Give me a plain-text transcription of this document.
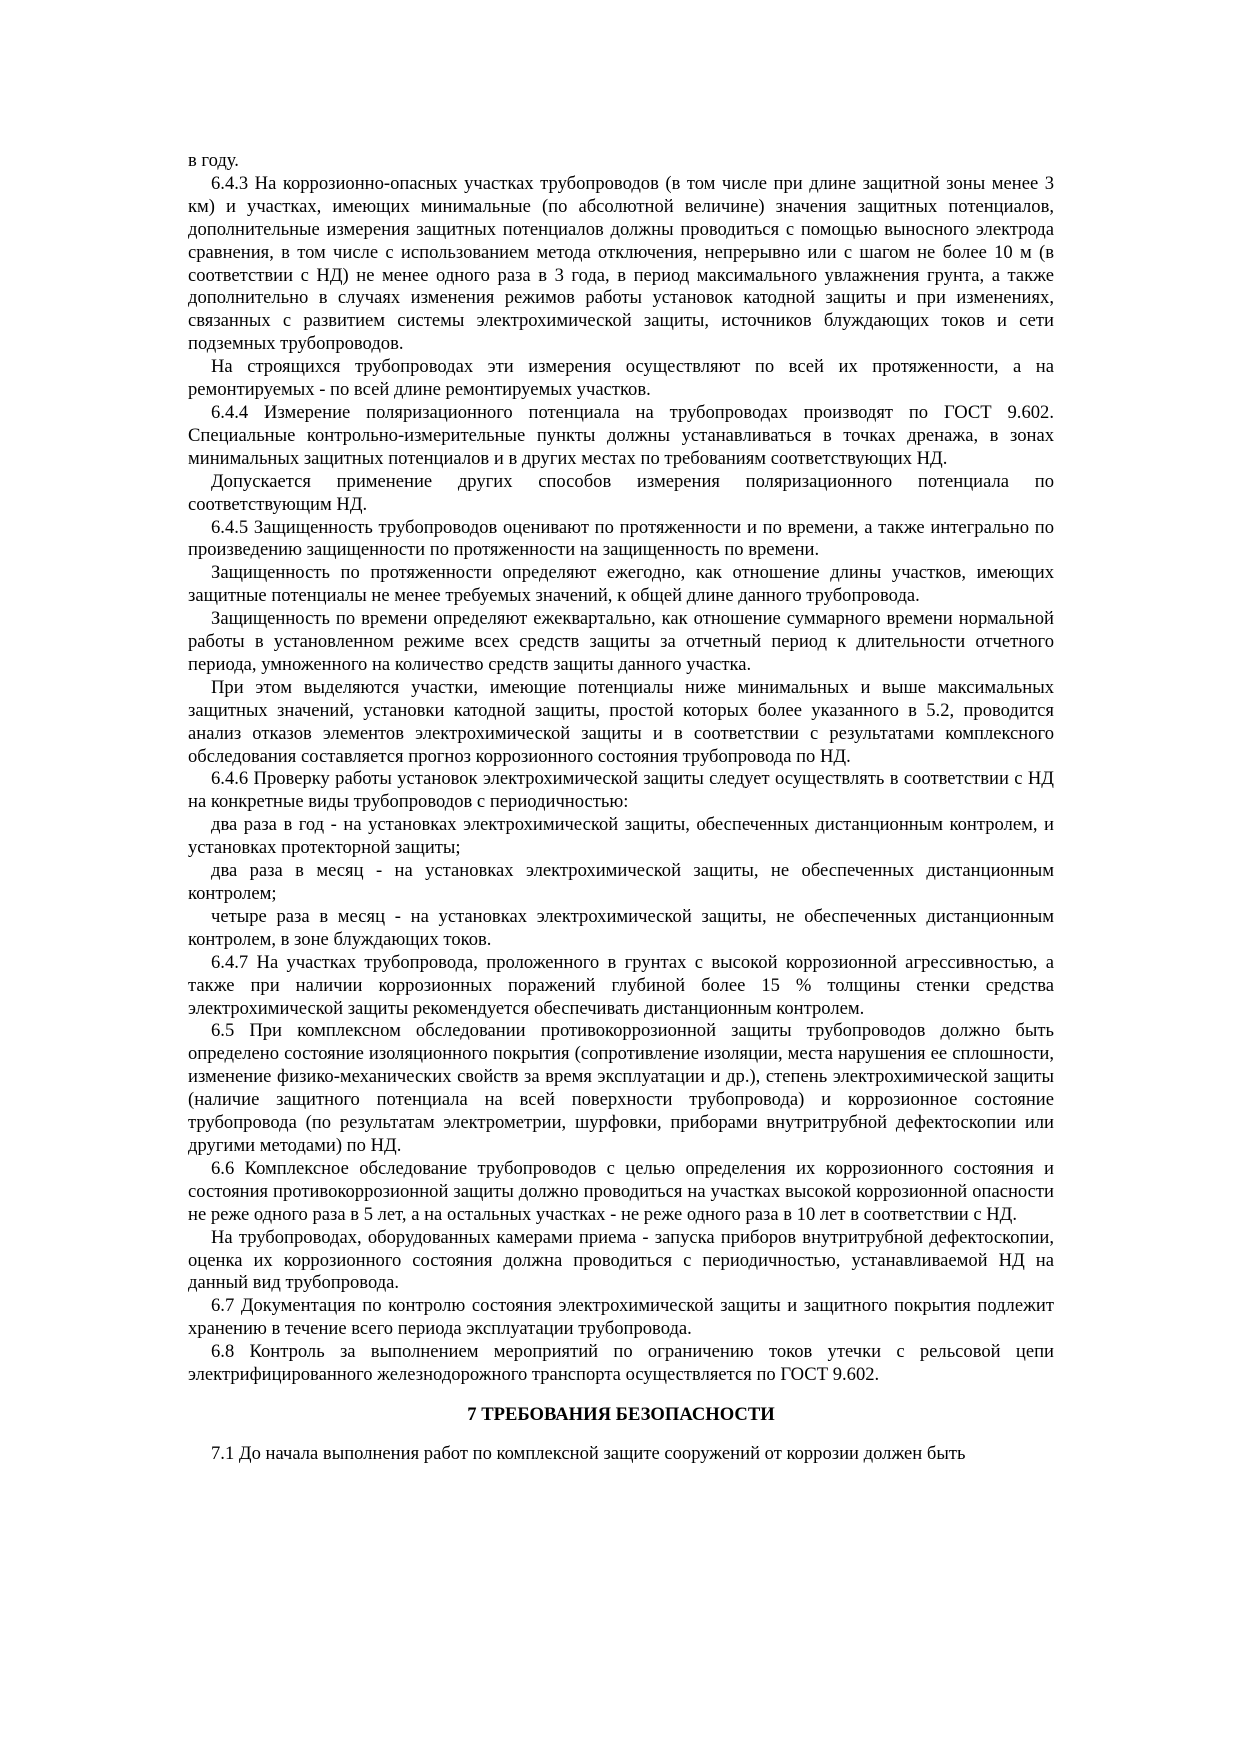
в году.

6.4.3 На коррозионно-опасных участках трубопроводов (в том числе при длине защитной зоны менее 3 км) и участках, имеющих минимальные (по абсолютной величине) значения защитных потенциалов, дополнительные измерения защитных потенциалов должны проводиться с помощью выносного электрода сравнения, в том числе с использованием метода отключения, непрерывно или с шагом не более 10 м (в соответствии с НД) не менее одного раза в 3 года, в период максимального увлажнения грунта, а также дополнительно в случаях изменения режимов работы установок катодной защиты и при изменениях, связанных с развитием системы электрохимической защиты, источников блуждающих токов и сети подземных трубопроводов.

На строящихся трубопроводах эти измерения осуществляют по всей их протяженности, а на ремонтируемых - по всей длине ремонтируемых участков.

6.4.4 Измерение поляризационного потенциала на трубопроводах производят по ГОСТ 9.602. Специальные контрольно-измерительные пункты должны устанавливаться в точках дренажа, в зонах минимальных защитных потенциалов и в других местах по требованиям соответствующих НД.

Допускается применение других способов измерения поляризационного потенциала по соответствующим НД.

6.4.5 Защищенность трубопроводов оценивают по протяженности и по времени, а также интегрально по произведению защищенности по протяженности на защищенность по времени.

Защищенность по протяженности определяют ежегодно, как отношение длины участков, имеющих защитные потенциалы не менее требуемых значений, к общей длине данного трубопровода.

Защищенность по времени определяют ежеквартально, как отношение суммарного времени нормальной работы в установленном режиме всех средств защиты за отчетный период к длительности отчетного периода, умноженного на количество средств защиты данного участка.

При этом выделяются участки, имеющие потенциалы ниже минимальных и выше максимальных защитных значений, установки катодной защиты, простой которых более указанного в 5.2, проводится анализ отказов элементов электрохимической защиты и в соответствии с результатами комплексного обследования составляется прогноз коррозионного состояния трубопровода по НД.

6.4.6 Проверку работы установок электрохимической защиты следует осуществлять в соответствии с НД на конкретные виды трубопроводов с периодичностью:

два раза в год - на установках электрохимической защиты, обеспеченных дистанционным контролем, и установках протекторной защиты;

два раза в месяц - на установках электрохимической защиты, не обеспеченных дистанционным контролем;

четыре раза в месяц - на установках электрохимической защиты, не обеспеченных дистанционным контролем, в зоне блуждающих токов.

6.4.7 На участках трубопровода, проложенного в грунтах с высокой коррозионной агрессивностью, а также при наличии коррозионных поражений глубиной более 15 % толщины стенки средства электрохимической защиты рекомендуется обеспечивать дистанционным контролем.

6.5 При комплексном обследовании противокоррозионной защиты трубопроводов должно быть определено состояние изоляционного покрытия (сопротивление изоляции, места нарушения ее сплошности, изменение физико-механических свойств за время эксплуатации и др.), степень электрохимической защиты (наличие защитного потенциала на всей поверхности трубопровода) и коррозионное состояние трубопровода (по результатам электрометрии, шурфовки, приборами внутритрубной дефектоскопии или другими методами) по НД.

6.6 Комплексное обследование трубопроводов с целью определения их коррозионного состояния и состояния противокоррозионной защиты должно проводиться на участках высокой коррозионной опасности не реже одного раза в 5 лет, а на остальных участках - не реже одного раза в 10 лет в соответствии с НД.

На трубопроводах, оборудованных камерами приема - запуска приборов внутритрубной дефектоскопии, оценка их коррозионного состояния должна проводиться с периодичностью, устанавливаемой НД на данный вид трубопровода.

6.7 Документация по контролю состояния электрохимической защиты и защитного покрытия подлежит хранению в течение всего периода эксплуатации трубопровода.

6.8 Контроль за выполнением мероприятий по ограничению токов утечки с рельсовой цепи электрифицированного железнодорожного транспорта осуществляется по ГОСТ 9.602.

7 ТРЕБОВАНИЯ БЕЗОПАСНОСТИ

7.1 До начала выполнения работ по комплексной защите сооружений от коррозии должен быть
